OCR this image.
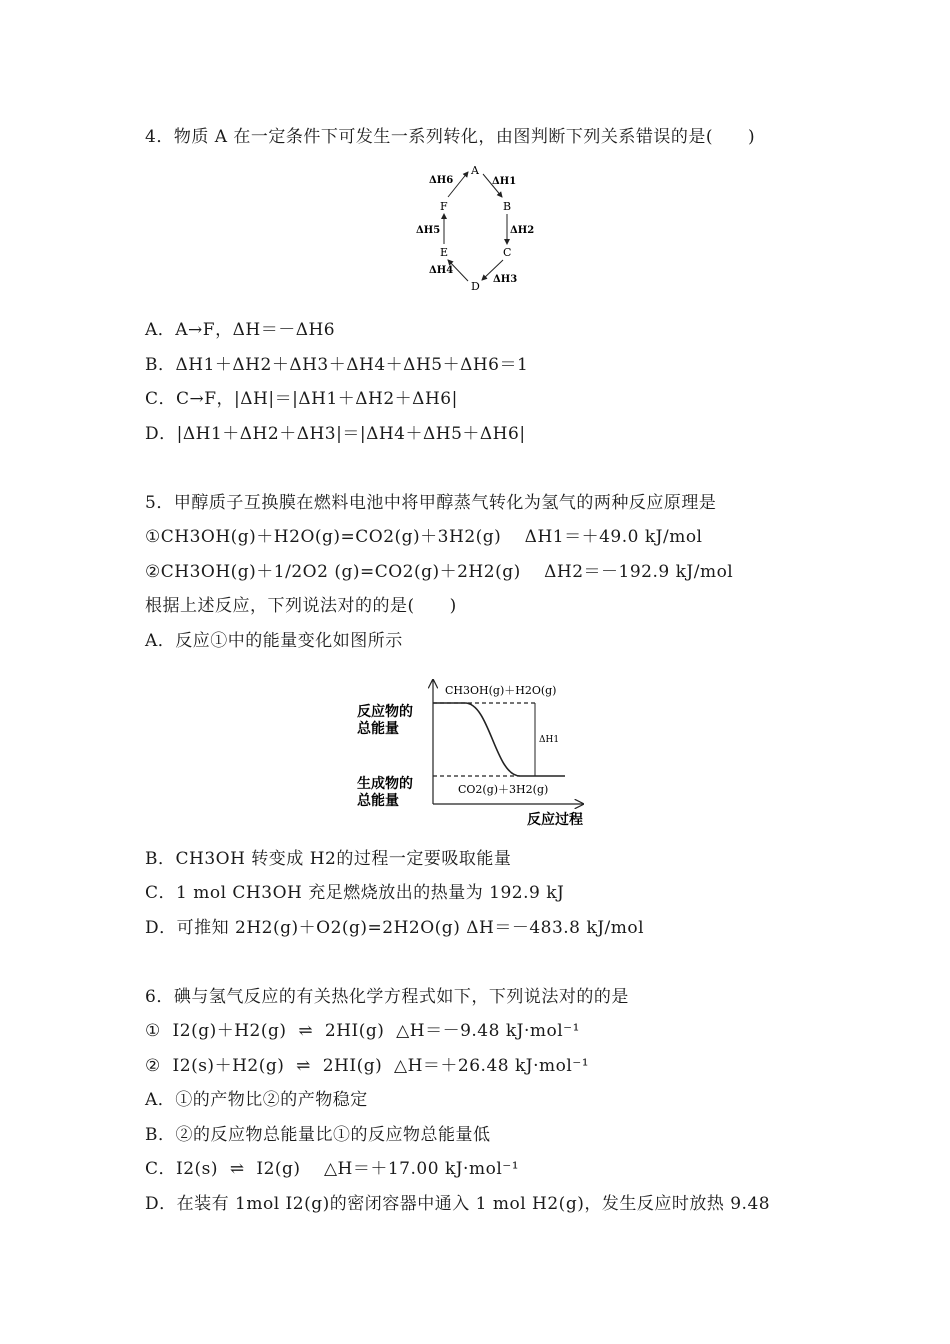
4．物质 A 在一定条件下可发生一系列转化，由图判断下列关系错误的是(　　)
A
B
C
D
E
F
ΔH1
ΔH2
ΔH3
ΔH4
ΔH5
ΔH6
A．A→F，ΔH＝－ΔH6
B．ΔH1＋ΔH2＋ΔH3＋ΔH4＋ΔH5＋ΔH6＝1
C．C→F，|ΔH|＝|ΔH1＋ΔH2＋ΔH6|
D．|ΔH1＋ΔH2＋ΔH3|＝|ΔH4＋ΔH5＋ΔH6|
5．甲醇质子互换膜在燃料电池中将甲醇蒸气转化为氢气的两种反应原理是
①CH3OH(g)＋H2O(g)=CO2(g)＋3H2(g)　 ΔH1＝＋49.0 kJ/mol
②CH3OH(g)＋1/2O2 (g)=CO2(g)＋2H2(g)　 ΔH2＝－192.9 kJ/mol
根据上述反应，下列说法对的的是(　　)
A．反应①中的能量变化如图所示
ΔH1
反应物的
总能量
生成物的
总能量
CH3OH(g)＋H2O(g)
CO2(g)＋3H2(g)
反应过程
B．CH3OH 转变成 H2的过程一定要吸取能量
C．1 mol CH3OH 充足燃烧放出的热量为 192.9 kJ
D．可推知 2H2(g)＋O2(g)=2H2O(g) ΔH＝－483.8 kJ/mol
6．碘与氢气反应的有关热化学方程式如下，下列说法对的的是
①  I2(g)＋H2(g)  ⇌  2HI(g)  △H＝－9.48 kJ·mol⁻¹
②  I2(s)＋H2(g)  ⇌  2HI(g)  △H＝＋26.48 kJ·mol⁻¹
A．①的产物比②的产物稳定
B．②的反应物总能量比①的反应物总能量低
C．I2(s)  ⇌  I2(g)　 △H＝＋17.00 kJ·mol⁻¹
D．在装有 1mol I2(g)的密闭容器中通入 1 mol H2(g)，发生反应时放热 9.48
